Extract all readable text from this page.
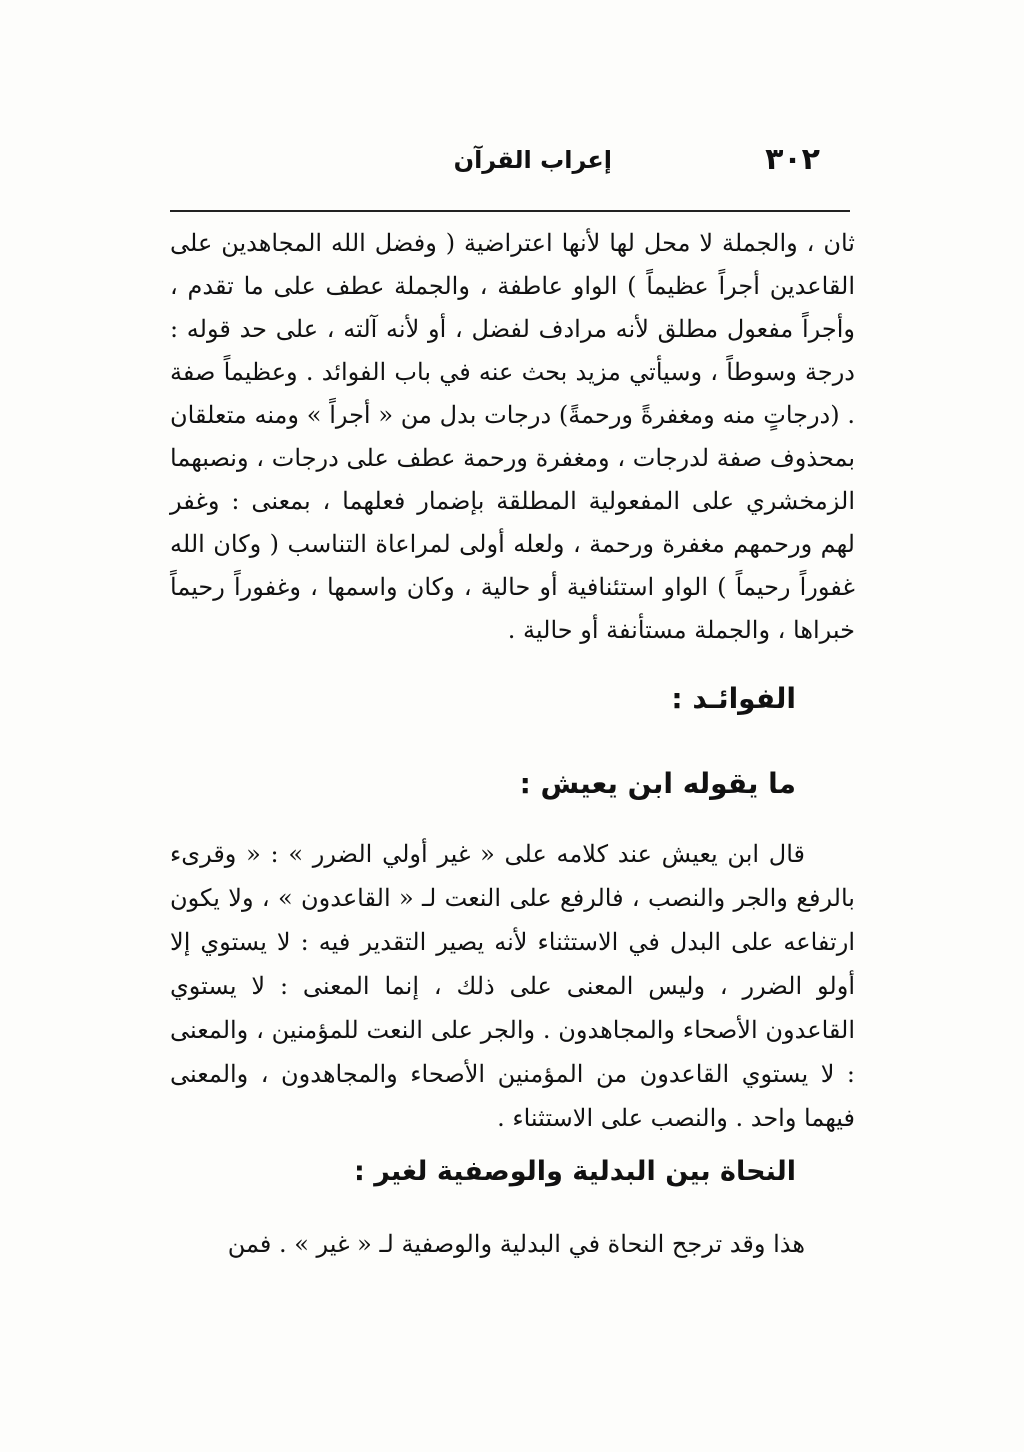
٣٠٢
إعراب القرآن

ثان ، والجملة لا محل لها لأنها اعتراضية ( وفضل الله المجاهدين على القاعدين أجراً عظيماً ) الواو عاطفة ، والجملة عطف على ما تقدم ، وأجراً مفعول مطلق لأنه مرادف لفضل ، أو لأنه آلته ، على حد قوله : درجة وسوطاً ، وسيأتي مزيد بحث عنه في باب الفوائد . وعظيماً صفة . (درجاتٍ منه ومغفرةً ورحمةً) درجات بدل من « أجراً » ومنه متعلقان بمحذوف صفة لدرجات ، ومغفرة ورحمة عطف على درجات ، ونصبهما الزمخشري على المفعولية المطلقة بإضمار فعلهما ، بمعنى : وغفر لهم ورحمهم مغفرة ورحمة ، ولعله أولى لمراعاة التناسب ( وكان الله غفوراً رحيماً ) الواو استئنافية أو حالية ، وكان واسمها ، وغفوراً رحيماً خبراها ، والجملة مستأنفة أو حالية .

الفوائـد :
ما يقوله ابن يعيش :

قال ابن يعيش عند كلامه على « غير أولي الضرر » : « وقرىء بالرفع والجر والنصب ، فالرفع على النعت لـ « القاعدون » ، ولا يكون ارتفاعه على البدل في الاستثناء لأنه يصير التقدير فيه : لا يستوي إلا أولو الضرر ، وليس المعنى على ذلك ، إنما المعنى : لا يستوي القاعدون الأصحاء والمجاهدون . والجر على النعت للمؤمنين ، والمعنى : لا يستوي القاعدون من المؤمنين الأصحاء والمجاهدون ، والمعنى فيهما واحد . والنصب على الاستثناء .

النحاة بين البدلية والوصفية لغير :

هذا وقد ترجح النحاة في البدلية والوصفية لـ « غير » . فمن
